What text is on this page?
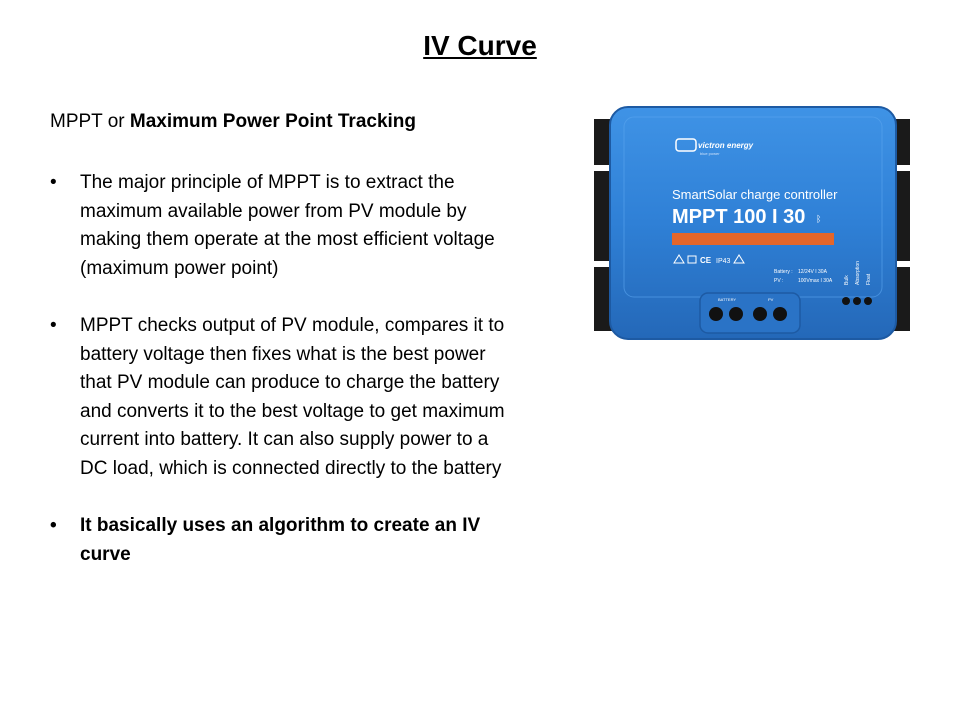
IV Curve
MPPT or Maximum Power Point Tracking
• The major principle of MPPT is to extract the maximum available power from PV module by making them operate at the most efficient voltage (maximum power point)
• MPPT checks output of PV module, compares it to battery voltage then fixes what is the best power that PV module can produce to charge the battery and converts it to the best voltage to get maximum current into battery. It can also supply power to a DC load, which is connected directly to the battery
• It basically uses an algorithm to create an IV curve
victron energy
blue power
SmartSolar charge controller
MPPT 100 I 30 ᛒ
CE IP43
Battery : 12/24V I 30A
PV :	100Vmax I 30A Bulk Absorption Float
BATTERY	PV
